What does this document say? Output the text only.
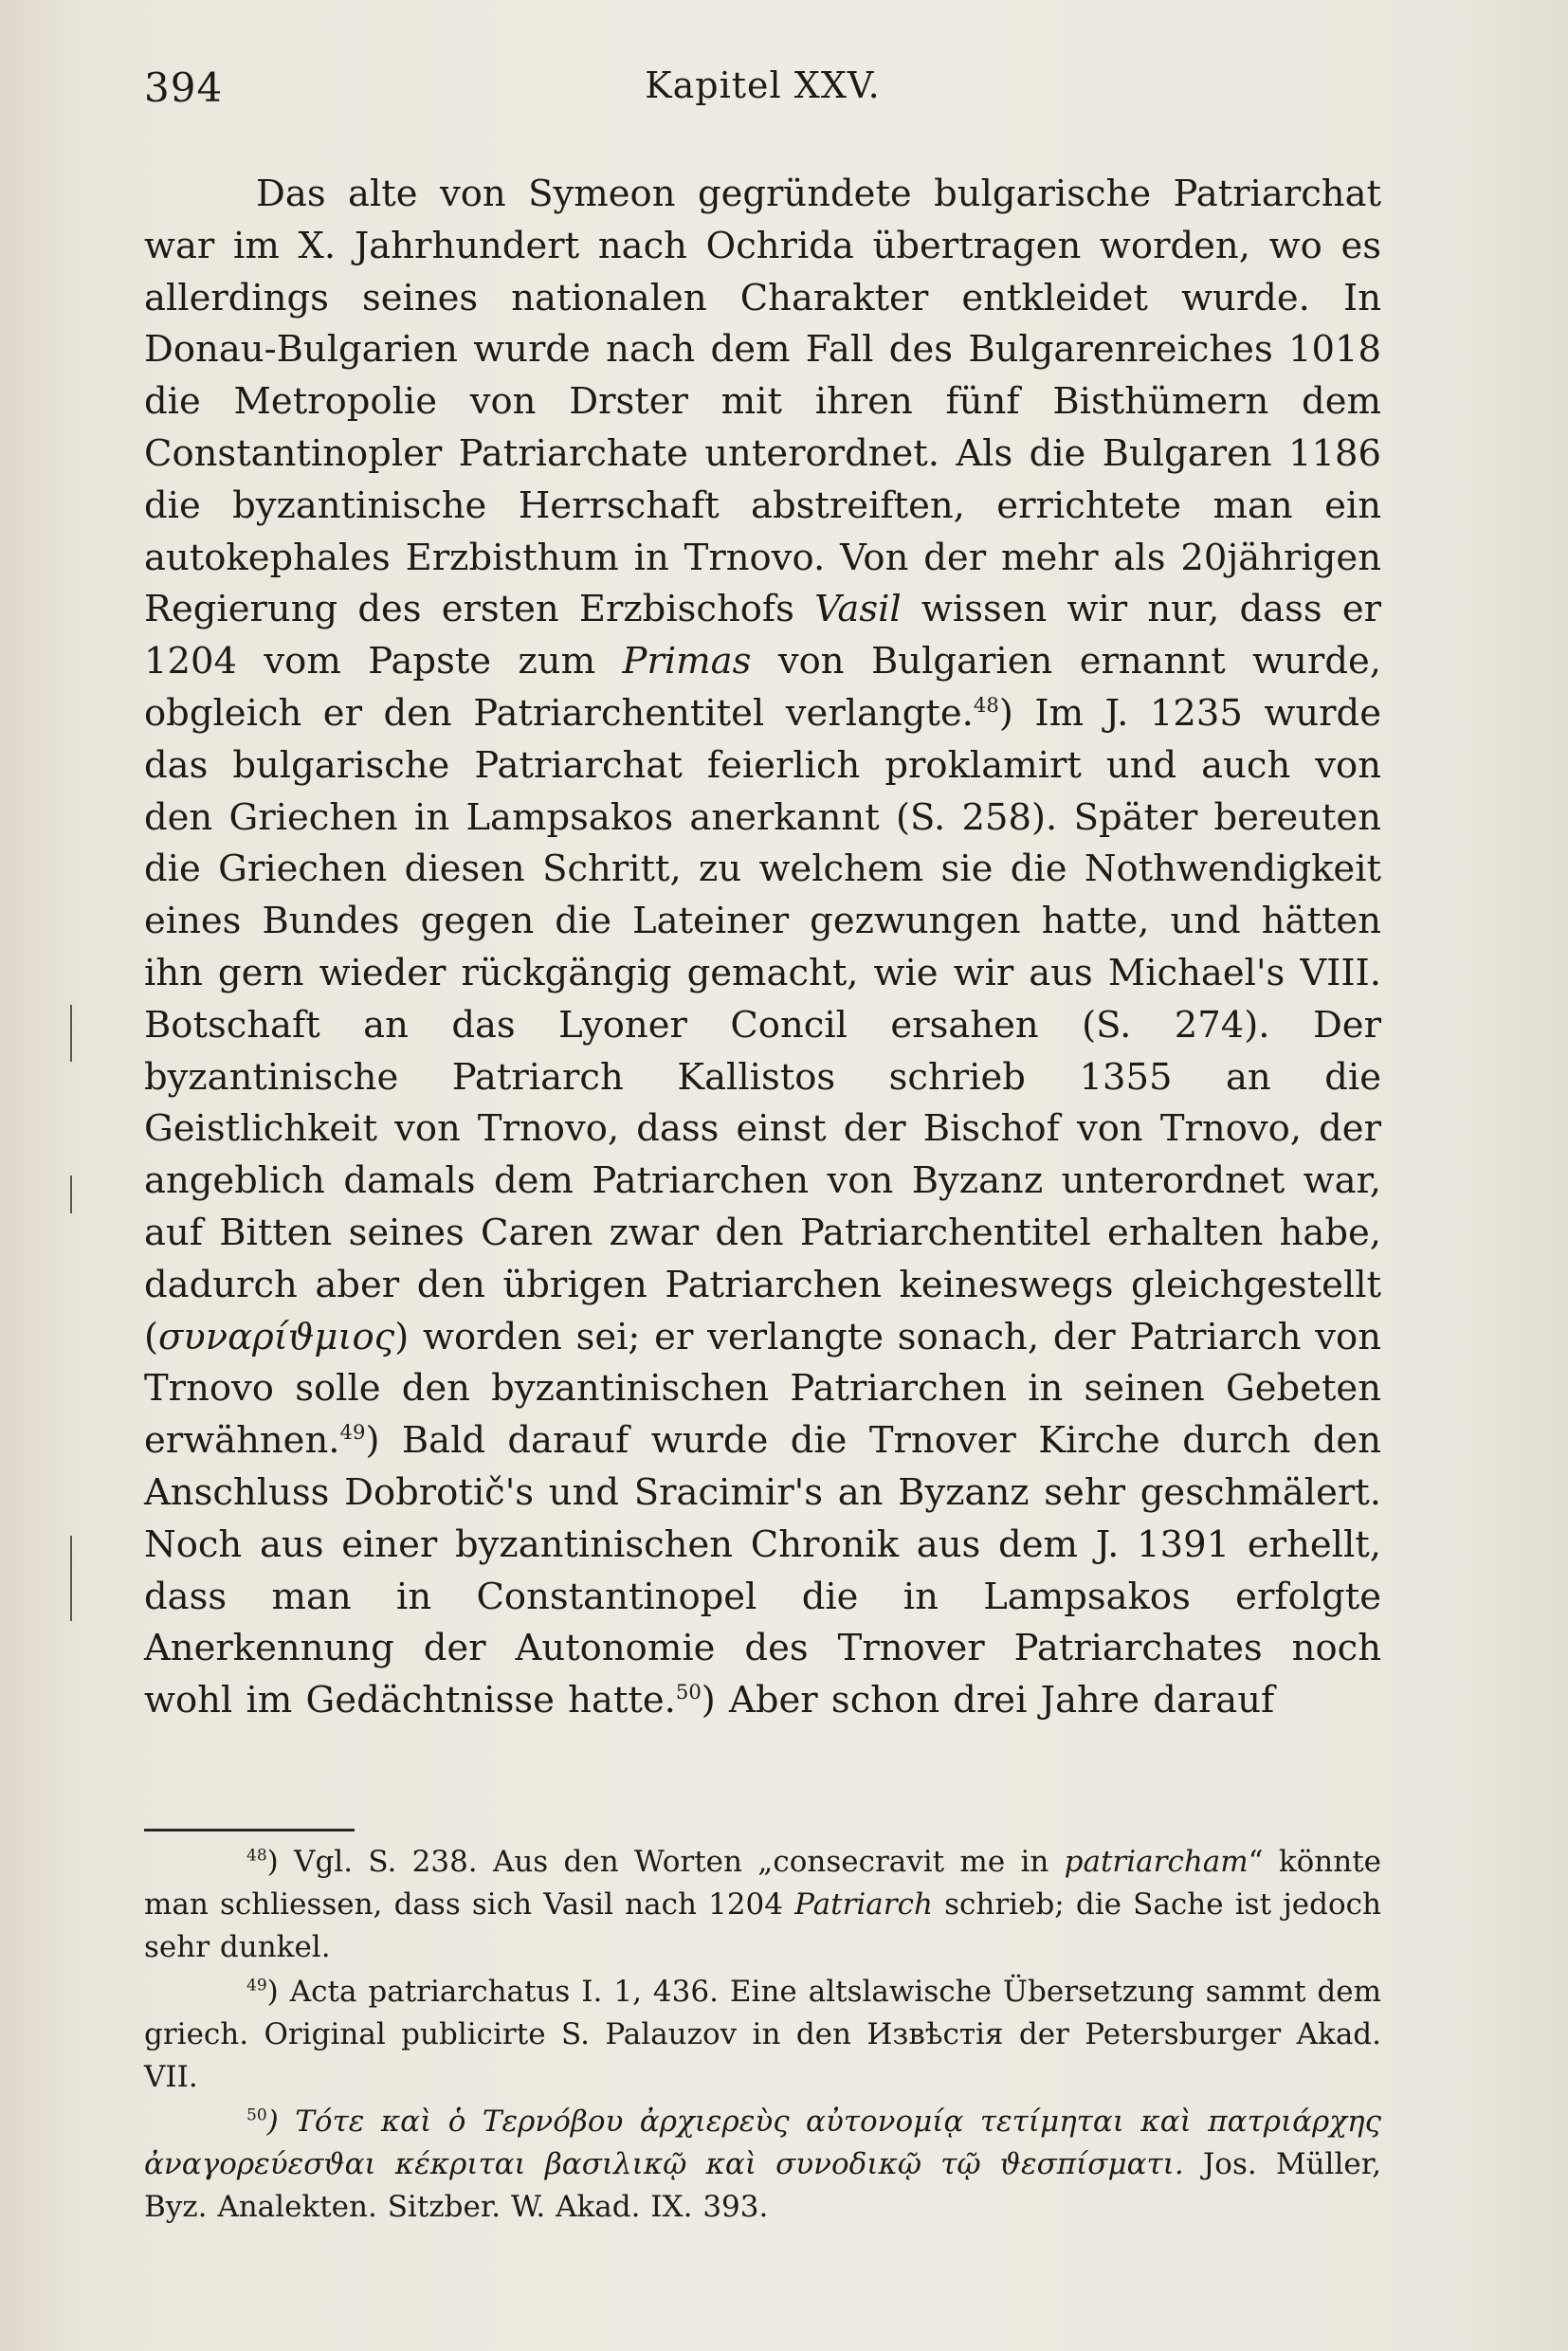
394	Kapitel XXV.

Das alte von Symeon gegründete bulgarische Patriarchat war im X. Jahrhundert nach Ochrida übertragen worden, wo es allerdings seines nationalen Charakter entkleidet wurde. In Donau-Bulgarien wurde nach dem Fall des Bulgarenreiches 1018 die Metropolie von Drster mit ihren fünf Bisthümern dem Constantinopler Patriarchate unterordnet. Als die Bulgaren 1186 die byzantinische Herrschaft abstreiften, errichtete man ein autokephales Erzbisthum in Trnovo. Von der mehr als 20jährigen Regierung des ersten Erzbischofs Vasil wissen wir nur, dass er 1204 vom Papste zum Primas von Bulgarien ernannt wurde, obgleich er den Patriarchentitel verlangte.$^{48}$) Im J. 1235 wurde das bulgarische Patriarchat feierlich proklamirt und auch von den Griechen in Lampsakos anerkannt (S. 258). Später bereuten die Griechen diesen Schritt, zu welchem sie die Nothwendigkeit eines Bundes gegen die Lateiner gezwungen hatte, und hätten ihn gern wieder rückgängig gemacht, wie wir aus Michael's VIII. Botschaft an das Lyoner Concil ersahen (S. 274). Der byzantinische Patriarch Kallistos schrieb 1355 an die Geistlichkeit von Trnovo, dass einst der Bischof von Trnovo, der angeblich damals dem Patriarchen von Byzanz unterordnet war, auf Bitten seines Caren zwar den Patriarchentitel erhalten habe, dadurch aber den übrigen Patriarchen keineswegs gleichgestellt (συναρίϑμιος) worden sei; er verlangte sonach, der Patriarch von Trnovo solle den byzantinischen Patriarchen in seinen Gebeten erwähnen.$^{49}$) Bald darauf wurde die Trnover Kirche durch den Anschluss Dobrotič's und Sracimir's an Byzanz sehr geschmälert. Noch aus einer byzantinischen Chronik aus dem J. 1391 erhellt, dass man in Constantinopel die in Lampsakos erfolgte Anerkennung der Autonomie des Trnover Patriarchates noch wohl im Gedächtnisse hatte.$^{50}$) Aber schon drei Jahre darauf

$^{48}$) Vgl. S. 238. Aus den Worten „consecravit me in patriarcham“ könnte man schliessen, dass sich Vasil nach 1204 Patriarch schrieb; die Sache ist jedoch sehr dunkel.

$^{49}$) Acta patriarchatus I. 1, 436. Eine altslawische Übersetzung sammt dem griech. Original publicirte S. Palauzov in den Извѣстія der Petersburger Akad. VII.

$^{50}$) Τότε καὶ ὁ Τερνόβου ἀρχιερεὺς αὐτονομίᾳ τετίμηται καὶ πατριάρχης ἀναγορεύεσϑαι κέκριται βασιλικῷ καὶ συνοδικῷ τῷ ϑεσπίσματι. Jos. Müller, Byz. Analekten. Sitzber. W. Akad. IX. 393.
